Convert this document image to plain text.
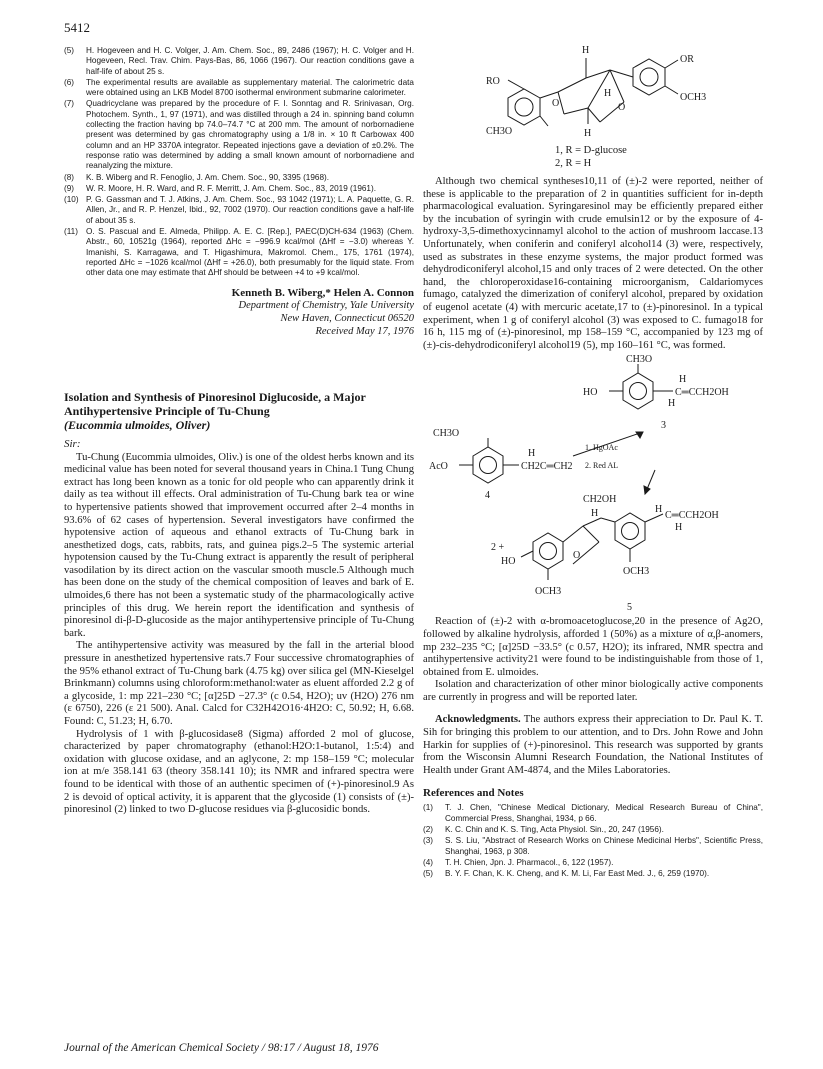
5412
(5) H. Hogeveen and H. C. Volger, J. Am. Chem. Soc., 89, 2486 (1967); H. C. Volger and H. Hogeveen, Recl. Trav. Chim. Pays-Bas, 86, 1066 (1967). Our reaction conditions gave a half-life of about 25 s.
(6) The experimental results are available as supplementary material. The calorimetric data were obtained using an LKB Model 8700 isothermal environment submarine calorimeter.
(7) Quadricyclane was prepared by the procedure of F. I. Sonntag and R. Srinivasan, Org. Photochem. Synth., 1, 97 (1971), and was distilled through a 24 in. spinning band column collecting the fraction having bp 74.0–74.7 °C at 200 mm. The amount of norbornadiene present was determined by gas chromatography using a 1/8 in. × 10 ft Carbowax 400 column and an HP 3370A integrator. Repeated injections gave a deviation of ±0.2%. The response ratio was determined by adding a small known amount of norbornadiene and reanalyzing the mixture.
(8) K. B. Wiberg and R. Fenoglio, J. Am. Chem. Soc., 90, 3395 (1968).
(9) W. R. Moore, H. R. Ward, and R. F. Merritt, J. Am. Chem. Soc., 83, 2019 (1961).
(10) P. G. Gassman and T. J. Atkins, J. Am. Chem. Soc., 93 1042 (1971); L. A. Paquette, G. R. Allen, Jr., and R. P. Henzel, Ibid., 92, 7002 (1970). Our reaction conditions gave a half-life of about 35 s.
(11) O. S. Pascual and E. Almeda, Philipp. A. E. C. [Rep.], PAEC(D)CH-634 (1963) (Chem. Abstr., 60, 10521g (1964), reported ΔHc = −996.9 kcal/mol (ΔHf = −3.0) whereas Y. Imanishi, S. Karragawa, and T. Higashimura, Makromol. Chem., 175, 1761 (1974), reported ΔHc = −1026 kcal/mol (ΔHf = +26.0), both presumably for the liquid state. From other data one may estimate that ΔHf should be between +4 to +9 kcal/mol.
Kenneth B. Wiberg,* Helen A. Connon
Department of Chemistry, Yale University
New Haven, Connecticut 06520
Received May 17, 1976
Isolation and Synthesis of Pinoresinol Diglucoside, a Major Antihypertensive Principle of Tu-Chung
(Eucommia ulmoides, Oliver)
Sir:

Tu-Chung (Eucommia ulmoides, Oliv.) is one of the oldest herbs known and its medicinal value has been noted for several thousand years in China.1 Tung Chung extract has long been known as a tonic for old people who can apparently drink it daily as tea without ill effects. Oral administration of Tu-Chung bark tea or wine to hypertensive patients showed that improvement occurred after 2–4 months in 93.6% of 62 cases of hypertension. Several investigators have confirmed the hypotensive action of aqueous and ethanol extracts of Tu-Chung bark in anesthetized dogs, cats, rabbits, rats, and guinea pigs.2–5 The systemic arterial hypotension caused by the Tu-Chung extract is apparently the result of peripheral vasodilation by its direct action on the vascular smooth muscle.5 Although much has been done on the study of the chemical composition of leaves and bark of E. ulmoides,6 there has not been a systematic study of the pharmacologically active principles of this drug. We herein report the identification and synthesis of pinoresinol di-β-D-glucoside as the major antihypertensive principle of Tu-Chung bark.

The antihypertensive activity was measured by the fall in the arterial blood pressure in anesthetized hypertensive rats.7 Four successive chromatographies of the 95% ethanol extract of Tu-Chung bark (4.75 kg) over silica gel (MN-Kieselgel Brinkmann) columns using chloroform:methanol:water as eluent afforded 2.2 g of a glycoside, 1: mp 221–230 °C; [α]25D −27.3° (c 0.54, H2O); uv (H2O) 276 nm (ε 6750), 226 (ε 21 500). Anal. Calcd for C32H42O16·4H2O: C, 50.92; H, 6.68. Found: C, 51.23; H, 6.70.

Hydrolysis of 1 with β-glucosidase8 (Sigma) afforded 2 mol of glucose, characterized by paper chromatography (ethanol:H2O:1-butanol, 1:5:4) and oxidation with glucose oxidase, and an aglycone, 2: mp 158–159 °C; molecular ion at m/e 358.141 63 (theory 358.141 10); its NMR and infrared spectra were found to be identical with those of an authentic specimen of (+)-pinoresinol.9 As 2 is devoid of optical activity, it is apparent that the glycoside (1) consists of (±)-pinoresinol (2) linked to two D-glucose residues via β-glucosidic bonds.

H
OR
RO
O
H
O
OCH3
CH3O	H
1, R = D-glucose
2, R = H

Although two chemical syntheses10,11 of (±)-2 were reported, neither of these is applicable to the preparation of 2 in quantities sufficient for in-depth pharmacological evaluation. Syringaresinol may be efficiently prepared either by the incubation of syringin with crude emulsin12 or by the exposure of 4-hydroxy-3,5-dimethoxycinnamyl alcohol to the action of mushroom laccase.13 Unfortunately, when coniferin and coniferyl alcohol14 (3) were, respectively, used as substrates in these enzyme systems, the major product formed was dehydrodiconiferyl alcohol,15 and only traces of 2 were detected. On the other hand, the chloroperoxidase16-containing microorganism, Caldariomyces fumago, catalyzed the dimerization of coniferyl alcohol, prepared by oxidation of eugenol acetate (4) with mercuric acetate,17 to (±)-pinoresinol. In a typical experiment, when 1 g of coniferyl alcohol (3) was exposed to C. fumago18 for 16 h, 115 mg of (±)-pinoresinol, mp 158–159 °C, accompanied by 123 mg of (±)-cis-dehydrodiconiferyl alcohol19 (5), mp 160–161 °C, was formed.

CH3O
HO	C═CCH2OH
H
H
3
CH3O
AcO	CH2C═CH2
H
4
1. HgOAc
2. Red AL
CH2OH
H	H
C═CCH2OH
H
2 +
HO
O
OCH3
OCH3
5

Reaction of (±)-2 with α-bromoacetoglucose,20 in the presence of Ag2O, followed by alkaline hydrolysis, afforded 1 (50%) as a mixture of α,β-anomers, mp 232–235 °C; [α]25D −33.5° (c 0.57, H2O); its infrared, NMR spectra and antihypertensive activity21 were found to be indistinguishable from those of 1, obtained from E. ulmoides.

Isolation and characterization of other minor biologically active components are currently in progress and will be reported later.

Acknowledgments. The authors express their appreciation to Dr. Paul K. T. Sih for bringing this problem to our attention, and to Drs. John Rowe and John Harkin for supplies of (+)-pinoresinol. This research was supported by grants from the Wisconsin Alumni Research Foundation, the National Institutes of Health under Grant AM-4874, and the Miles Laboratories.

References and Notes
(1) T. J. Chen, "Chinese Medical Dictionary, Medical Research Bureau of China", Commercial Press, Shanghai, 1934, p 66.
(2) K. C. Chin and K. S. Ting, Acta Physiol. Sin., 20, 247 (1956).
(3) S. S. Liu, "Abstract of Research Works on Chinese Medicinal Herbs", Scientific Press, Shanghai, 1963, p 308.
(4) T. H. Chien, Jpn. J. Pharmacol., 6, 122 (1957).
(5) B. Y. F. Chan, K. K. Cheng, and K. M. Li, Far East Med. J., 6, 259 (1970).
Journal of the American Chemical Society / 98:17 / August 18, 1976
